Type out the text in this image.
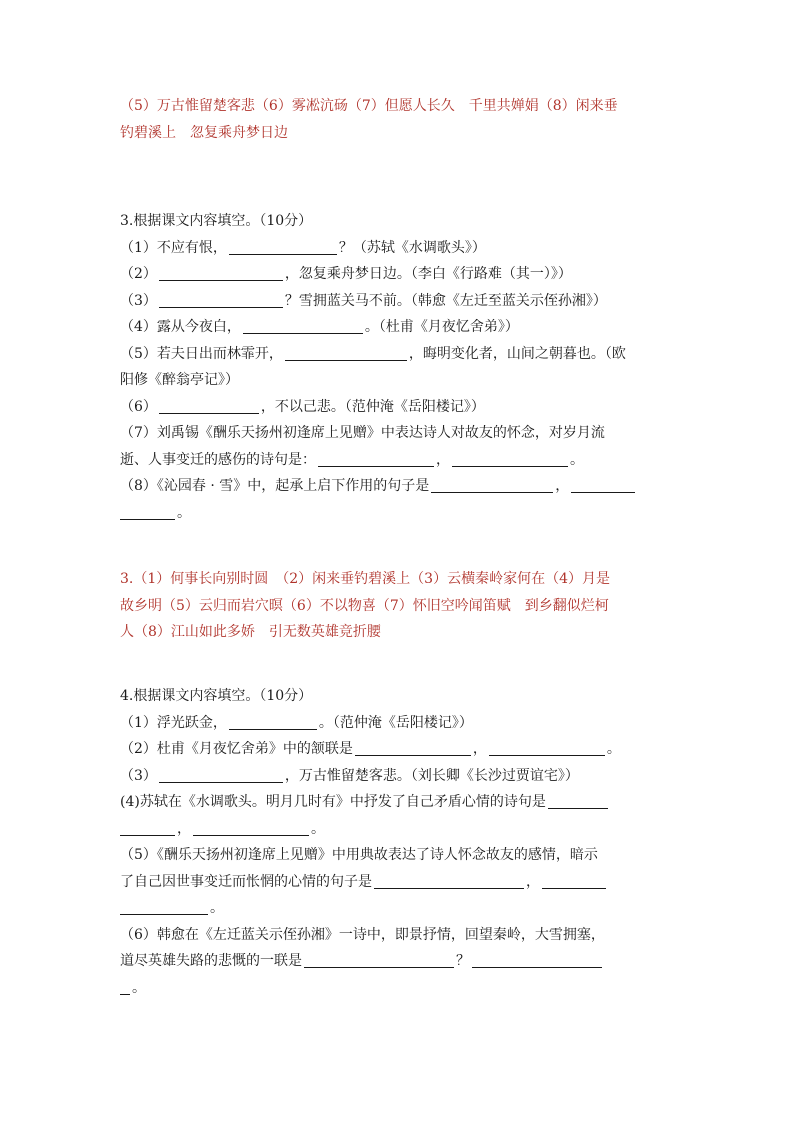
（5）万古惟留楚客悲（6）雾凇沆砀（7）但愿人长久　千里共婵娟（8）闲来垂
钓碧溪上　忽复乘舟梦日边
3.根据课文内容填空。（10分）
（1）不应有恨，	？（苏轼《水调歌头》）
（2）	，忽复乘舟梦日边。（李白《行路难（其一）》）
（3）	？雪拥蓝关马不前。（韩愈《左迁至蓝关示侄孙湘》）
（4）露从今夜白，	。（杜甫《月夜忆舍弟》）
（5）若夫日出而林霏开，	，晦明变化者，山间之朝暮也。（欧
阳修《醉翁亭记》）
（6）	，不以己悲。（范仲淹《岳阳楼记》）
（7）刘禹锡《酬乐天扬州初逢席上见赠》中表达诗人对故友的怀念，对岁月流
逝、人事变迁的感伤的诗句是：	，	。
（8）《沁园春 · 雪》中，起承上启下作用的句子是	，
。
3.（1）何事长向别时圆　（2）闲来垂钓碧溪上（3）云横秦岭家何在（4）月是
故乡明（5）云归而岩穴暝（6）不以物喜（7）怀旧空吟闻笛赋　到乡翻似烂柯
人（8）江山如此多娇　引无数英雄竞折腰
4.根据课文内容填空。（10分）
（1）浮光跃金，	。（范仲淹《岳阳楼记》）
（2）杜甫《月夜忆舍弟》中的颔联是	，	。
（3）	，万古惟留楚客悲。（刘长卿《长沙过贾谊宅》）
(4)苏轼在《水调歌头。明月几时有》中抒发了自己矛盾心情的诗句是
，	。
（5）《酬乐天扬州初逢席上见赠》中用典故表达了诗人怀念故友的感情，暗示
了自己因世事变迁而怅惘的心情的句子是	，
。
（6）韩愈在《左迁蓝关示侄孙湘》一诗中，即景抒情，回望秦岭，大雪拥塞，
道尽英雄失路的悲慨的一联是	？
。
